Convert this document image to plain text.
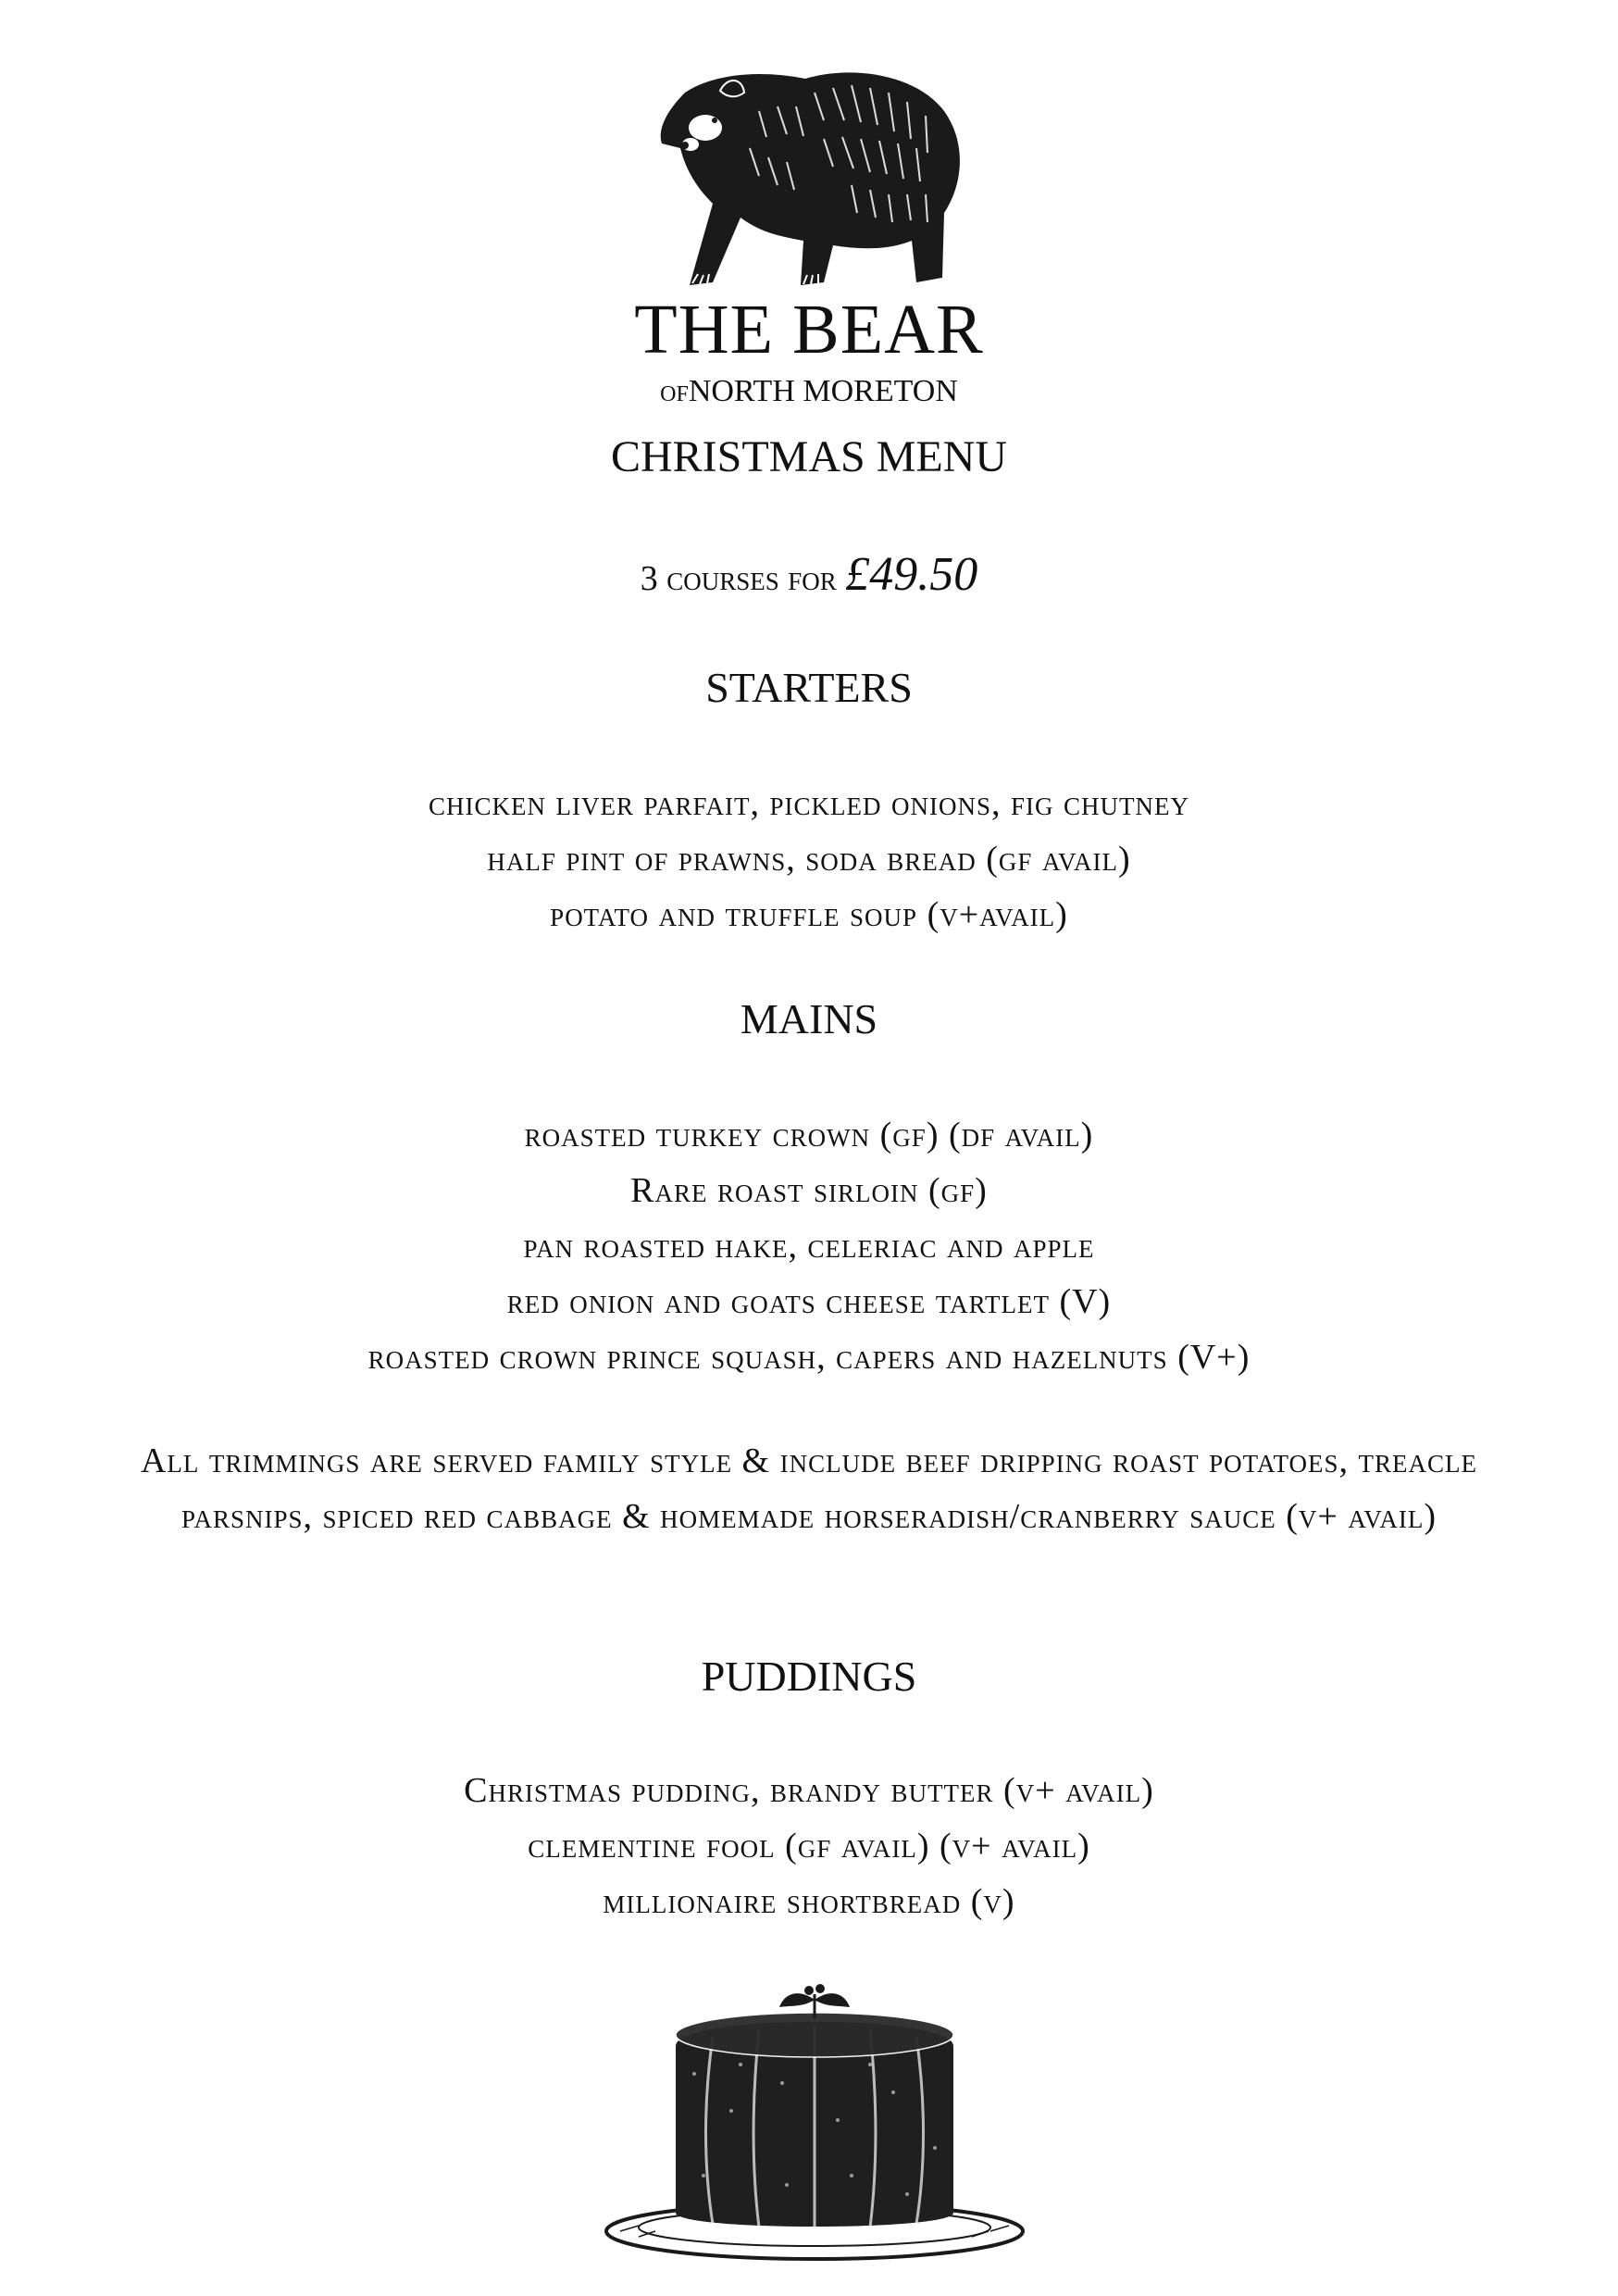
THE BEAR
OFNORTH MORETON
CHRISTMAS MENU
3 courses for £49.50
STARTERS
chicken liver parfait, pickled onions, fig chutney
half pint of prawns, soda bread (gf avail)
potato and truffle soup (v+avail)
MAINS
roasted turkey crown (gf) (df avail)
Rare roast sirloin (gf)
pan roasted hake, celeriac and apple
red onion and goats cheese tartlet (V)
roasted crown prince squash, capers and hazelnuts (V+)
All trimmings are served family style & include beef dripping roast potatoes, treacle parsnips, spiced red cabbage & homemade horseradish/cranberry sauce (v+ avail)
PUDDINGS
Christmas pudding, brandy butter (v+ avail)
clementine fool (gf avail) (v+ avail)
millionaire shortbread (v)
